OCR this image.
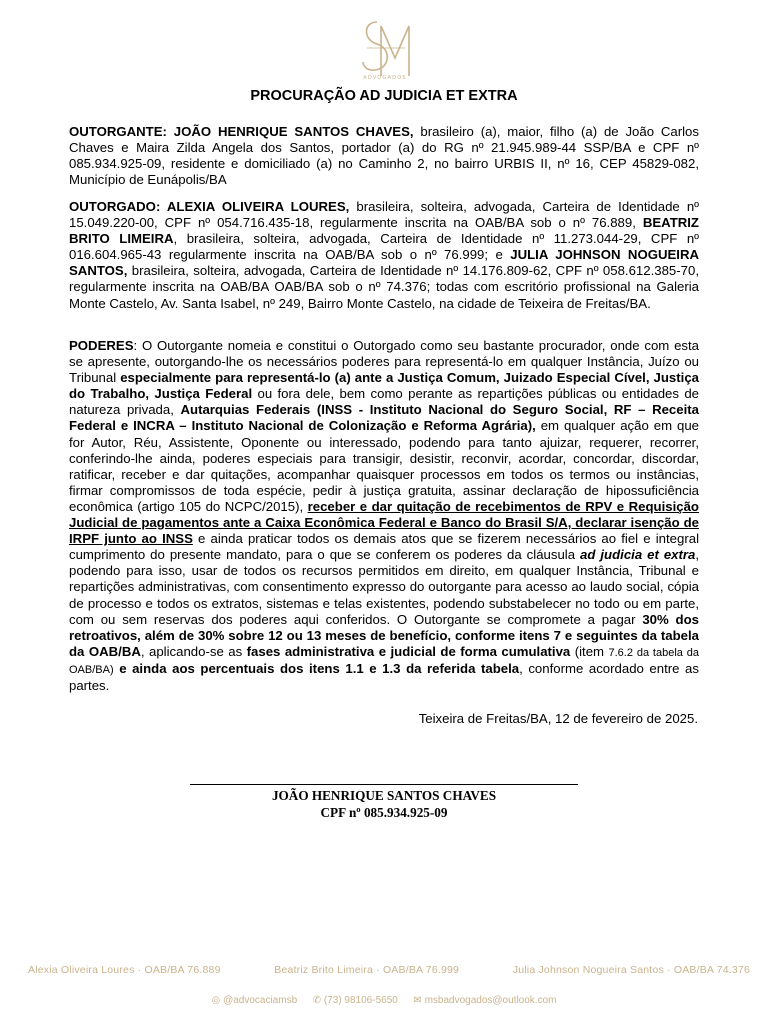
ADVOGADOS
PROCURAÇÃO AD JUDICIA ET EXTRA
OUTORGANTE: JOÃO HENRIQUE SANTOS CHAVES, brasileiro (a), maior, filho (a) de João Carlos Chaves e Maira Zilda Angela dos Santos, portador (a) do RG nº 21.945.989-44 SSP/BA e CPF nº 085.934.925-09, residente e domiciliado (a) no Caminho 2, no bairro URBIS II, nº 16, CEP 45829-082, Município de Eunápolis/BA
OUTORGADO: ALEXIA OLIVEIRA LOURES, brasileira, solteira, advogada, Carteira de Identidade nº 15.049.220-00, CPF nº 054.716.435-18, regularmente inscrita na OAB/BA sob o nº 76.889, BEATRIZ BRITO LIMEIRA, brasileira, solteira, advogada, Carteira de Identidade nº 11.273.044-29, CPF nº 016.604.965-43 regularmente inscrita na OAB/BA sob o nº 76.999; e JULIA JOHNSON NOGUEIRA SANTOS, brasileira, solteira, advogada, Carteira de Identidade nº 14.176.809-62, CPF nº 058.612.385-70, regularmente inscrita na OAB/BA OAB/BA sob o nº 74.376; todas com escritório profissional na Galeria Monte Castelo, Av. Santa Isabel, nº 249, Bairro Monte Castelo, na cidade de Teixeira de Freitas/BA.
PODERES: O Outorgante nomeia e constitui o Outorgado como seu bastante procurador, onde com esta se apresente, outorgando-lhe os necessários poderes para representá-lo em qualquer Instância, Juízo ou Tribunal especialmente para representá-lo (a) ante a Justiça Comum, Juizado Especial Cível, Justiça do Trabalho, Justiça Federal ou fora dele, bem como perante as repartições públicas ou entidades de natureza privada, Autarquias Federais (INSS - Instituto Nacional do Seguro Social, RF – Receita Federal e INCRA – Instituto Nacional de Colonização e Reforma Agrária), em qualquer ação em que for Autor, Réu, Assistente, Oponente ou interessado, podendo para tanto ajuizar, requerer, recorrer, conferindo-lhe ainda, poderes especiais para transigir, desistir, reconvir, acordar, concordar, discordar, ratificar, receber e dar quitações, acompanhar quaisquer processos em todos os termos ou instâncias, firmar compromissos de toda espécie, pedir à justiça gratuita, assinar declaração de hipossuficiência econômica (artigo 105 do NCPC/2015), receber e dar quitação de recebimentos de RPV e Requisição Judicial de pagamentos ante a Caixa Econômica Federal e Banco do Brasil S/A, declarar isenção de IRPF junto ao INSS e ainda praticar todos os demais atos que se fizerem necessários ao fiel e integral cumprimento do presente mandato, para o que se conferem os poderes da cláusula ad judicia et extra, podendo para isso, usar de todos os recursos permitidos em direito, em qualquer Instância, Tribunal e repartições administrativas, com consentimento expresso do outorgante para acesso ao laudo social, cópia de processo e todos os extratos, sistemas e telas existentes, podendo substabelecer no todo ou em parte, com ou sem reservas dos poderes aqui conferidos. O Outorgante se compromete a pagar 30% dos retroativos, além de 30% sobre 12 ou 13 meses de benefício, conforme itens 7 e seguintes da tabela da OAB/BA, aplicando-se as fases administrativa e judicial de forma cumulativa (item 7.6.2 da tabela da OAB/BA) e ainda aos percentuais dos itens 1.1 e 1.3 da referida tabela, conforme acordado entre as partes.
Teixeira de Freitas/BA, 12 de fevereiro de 2025.
JOÃO HENRIQUE SANTOS CHAVES
CPF nº 085.934.925-09
Alexia Oliveira Loures · OAB/BA 76.889	Beatriz Brito Limeira · OAB/BA 76.999	Julia Johnson Nogueira Santos · OAB/BA 74.376
◎ @advocaciamsb ✆ (73) 98106-5650 ✉ msbadvogados@outlook.com
